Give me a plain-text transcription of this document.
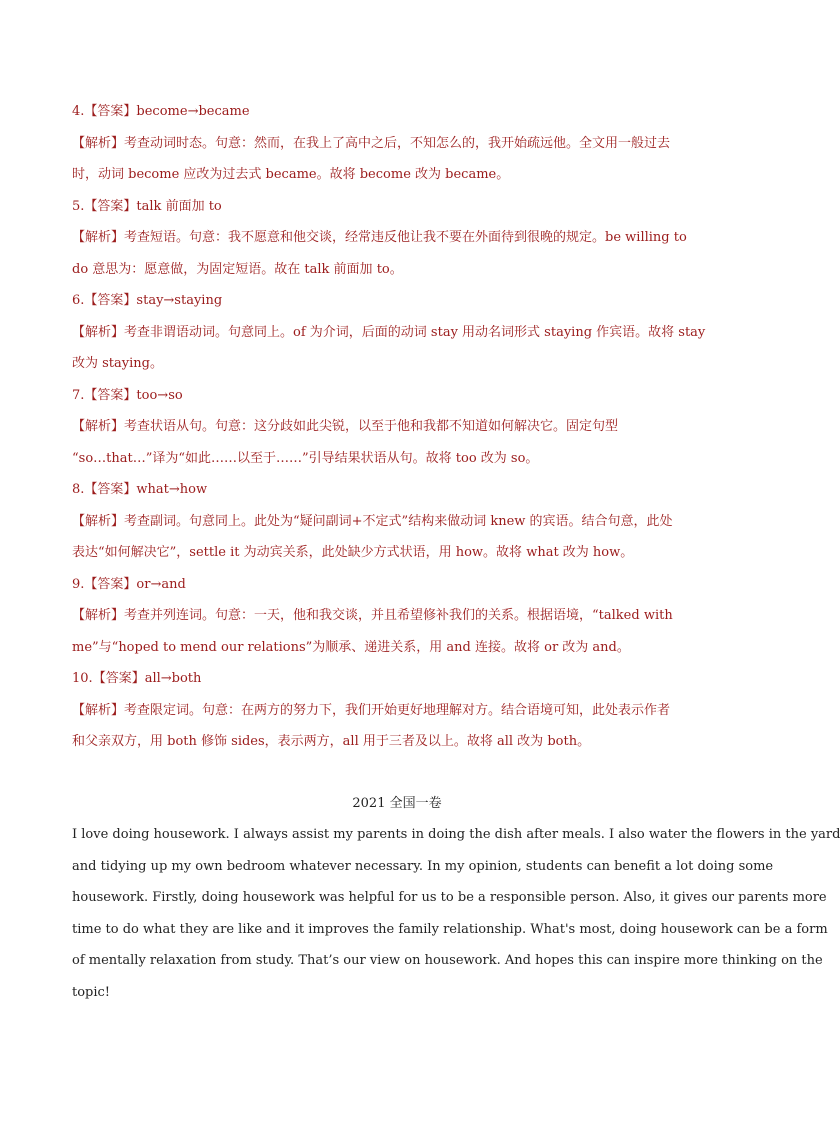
4.【答案】become→became
【解析】考查动词时态。句意：然而，在我上了高中之后，不知怎么的，我开始疏远他。全文用一般过去
时，动词 become 应改为过去式 became。故将 become 改为 became。
5.【答案】talk 前面加 to
【解析】考查短语。句意：我不愿意和他交谈，经常违反他让我不要在外面待到很晚的规定。be willing to
do 意思为：愿意做，为固定短语。故在 talk 前面加 to。
6.【答案】stay→staying
【解析】考查非谓语动词。句意同上。of 为介词，后面的动词 stay 用动名词形式 staying 作宾语。故将 stay
改为 staying。
7.【答案】too→so
【解析】考查状语从句。句意：这分歧如此尖锐，以至于他和我都不知道如何解决它。固定句型
“so…that…”译为“如此……以至于……”引导结果状语从句。故将 too 改为 so。
8.【答案】what→how
【解析】考查副词。句意同上。此处为“疑问副词+不定式”结构来做动词 knew 的宾语。结合句意，此处
表达“如何解决它”，settle it 为动宾关系，此处缺少方式状语，用 how。故将 what 改为 how。
9.【答案】or→and
【解析】考查并列连词。句意：一天，他和我交谈，并且希望修补我们的关系。根据语境，“talked with
me”与“hoped to mend our relations”为顺承、递进关系，用 and 连接。故将 or 改为 and。
10.【答案】all→both
【解析】考查限定词。句意：在两方的努力下，我们开始更好地理解对方。结合语境可知，此处表示作者
和父亲双方，用 both 修饰 sides，表示两方，all 用于三者及以上。故将 all 改为 both。
2021 全国一卷
I love doing housework. I always assist my parents in doing the dish after meals. I also water the flowers in the yard
and tidying up my own bedroom whatever necessary. In my opinion, students can benefit a lot doing some
housework. Firstly, doing housework was helpful for us to be a responsible person. Also, it gives our parents more
time to do what they are like and it improves the family relationship. What's most, doing housework can be a form
of mentally relaxation from study. That’s our view on housework. And hopes this can inspire more thinking on the
topic!
